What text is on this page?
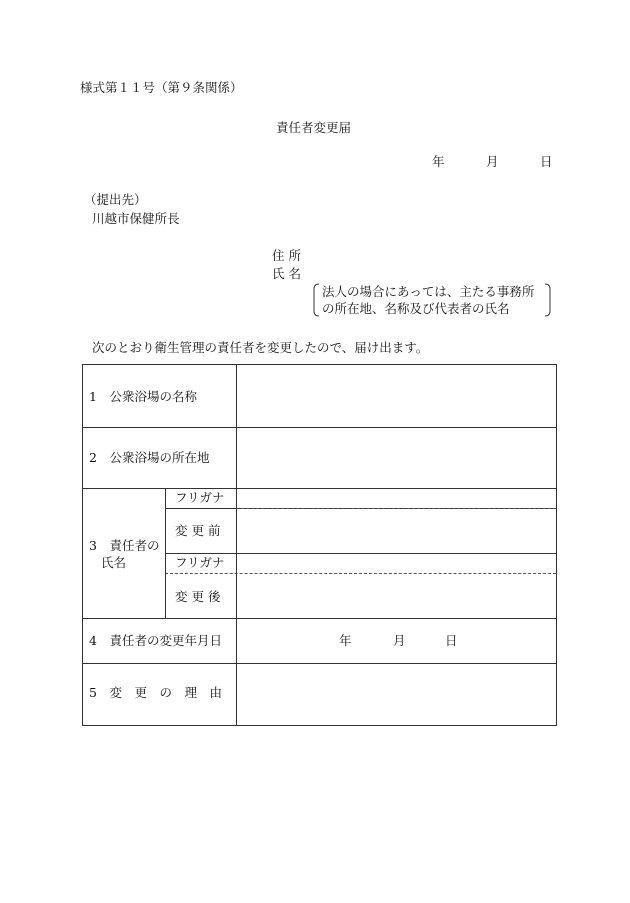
様式第１１号（第９条関係）
責任者変更届
年	月	日
（提出先）
川越市保健所長
住 所
氏 名
法人の場合にあっては、主たる事務所
の所在地、名称及び代表者の氏名
次のとおり衛生管理の責任者を変更したので、届け出ます。
1　公衆浴場の名称
2　公衆浴場の所在地
3　責任者の
氏名
フリガナ
変 更 前
フリガナ
変 更 後
4　責任者の変更年月日	年	月	日
5　変　更　の　理　由
